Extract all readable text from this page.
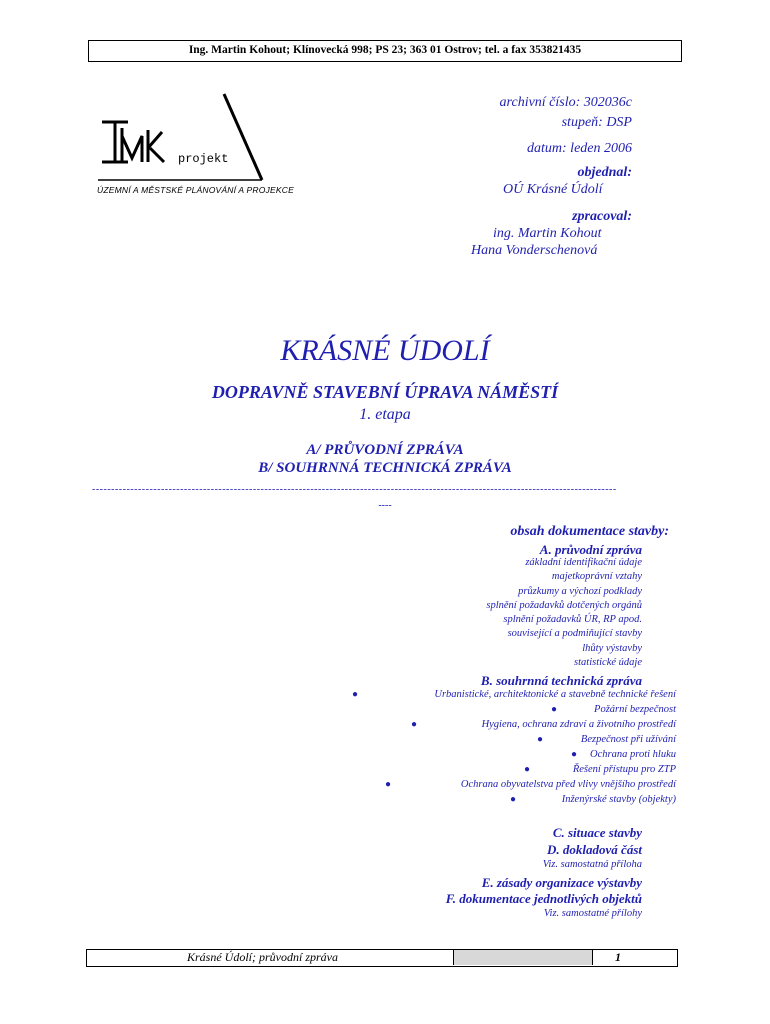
Ing. Martin Kohout; Klínovecká 998; PS 23; 363 01 Ostrov; tel. a fax 353821435
projekt
ÚZEMNÍ A MĚSTSKÉ PLÁNOVÁNÍ A PROJEKCE
archivní číslo: 302036c
stupeň: DSP
datum: leden 2006
objednal:
OÚ Krásné Údolí
zpracoval:
ing. Martin Kohout
Hana Vonderschenová
KRÁSNÉ ÚDOLÍ
DOPRAVNĚ STAVEBNÍ ÚPRAVA NÁMĚSTÍ
1. etapa
A/ PRŮVODNÍ ZPRÁVA
B/ SOUHRNNÁ TECHNICKÁ ZPRÁVA
-----------------------------------------------------------------------------------------------------------------------------------------
----
obsah dokumentace stavby:
A. průvodní zpráva
základní identifikační údaje
majetkoprávní vztahy
průzkumy a výchozí podklady
splnění požadavků dotčených orgánů
splnění požadavků ÚR, RP apod.
související a podmiňující stavby
lhůty výstavby
statistické údaje
B. souhrnná technická zpráva
●	Urbanistické, architektonické a stavebně technické řešení
●	Požární bezpečnost
●	Hygiena, ochrana zdraví a životního prostředí
●	Bezpečnost při užívání
● Ochrana proti hluku
●	Řešení přístupu pro ZTP
●	Ochrana obyvatelstva před vlivy vnějšího prostředí
●	Inženýrské stavby (objekty)
C. situace stavby
D. dokladová část
Viz. samostatná příloha
E. zásady organizace výstavby
F. dokumentace jednotlivých objektů
Viz. samostatné přílohy
Krásné Údolí; průvodní zpráva	1
